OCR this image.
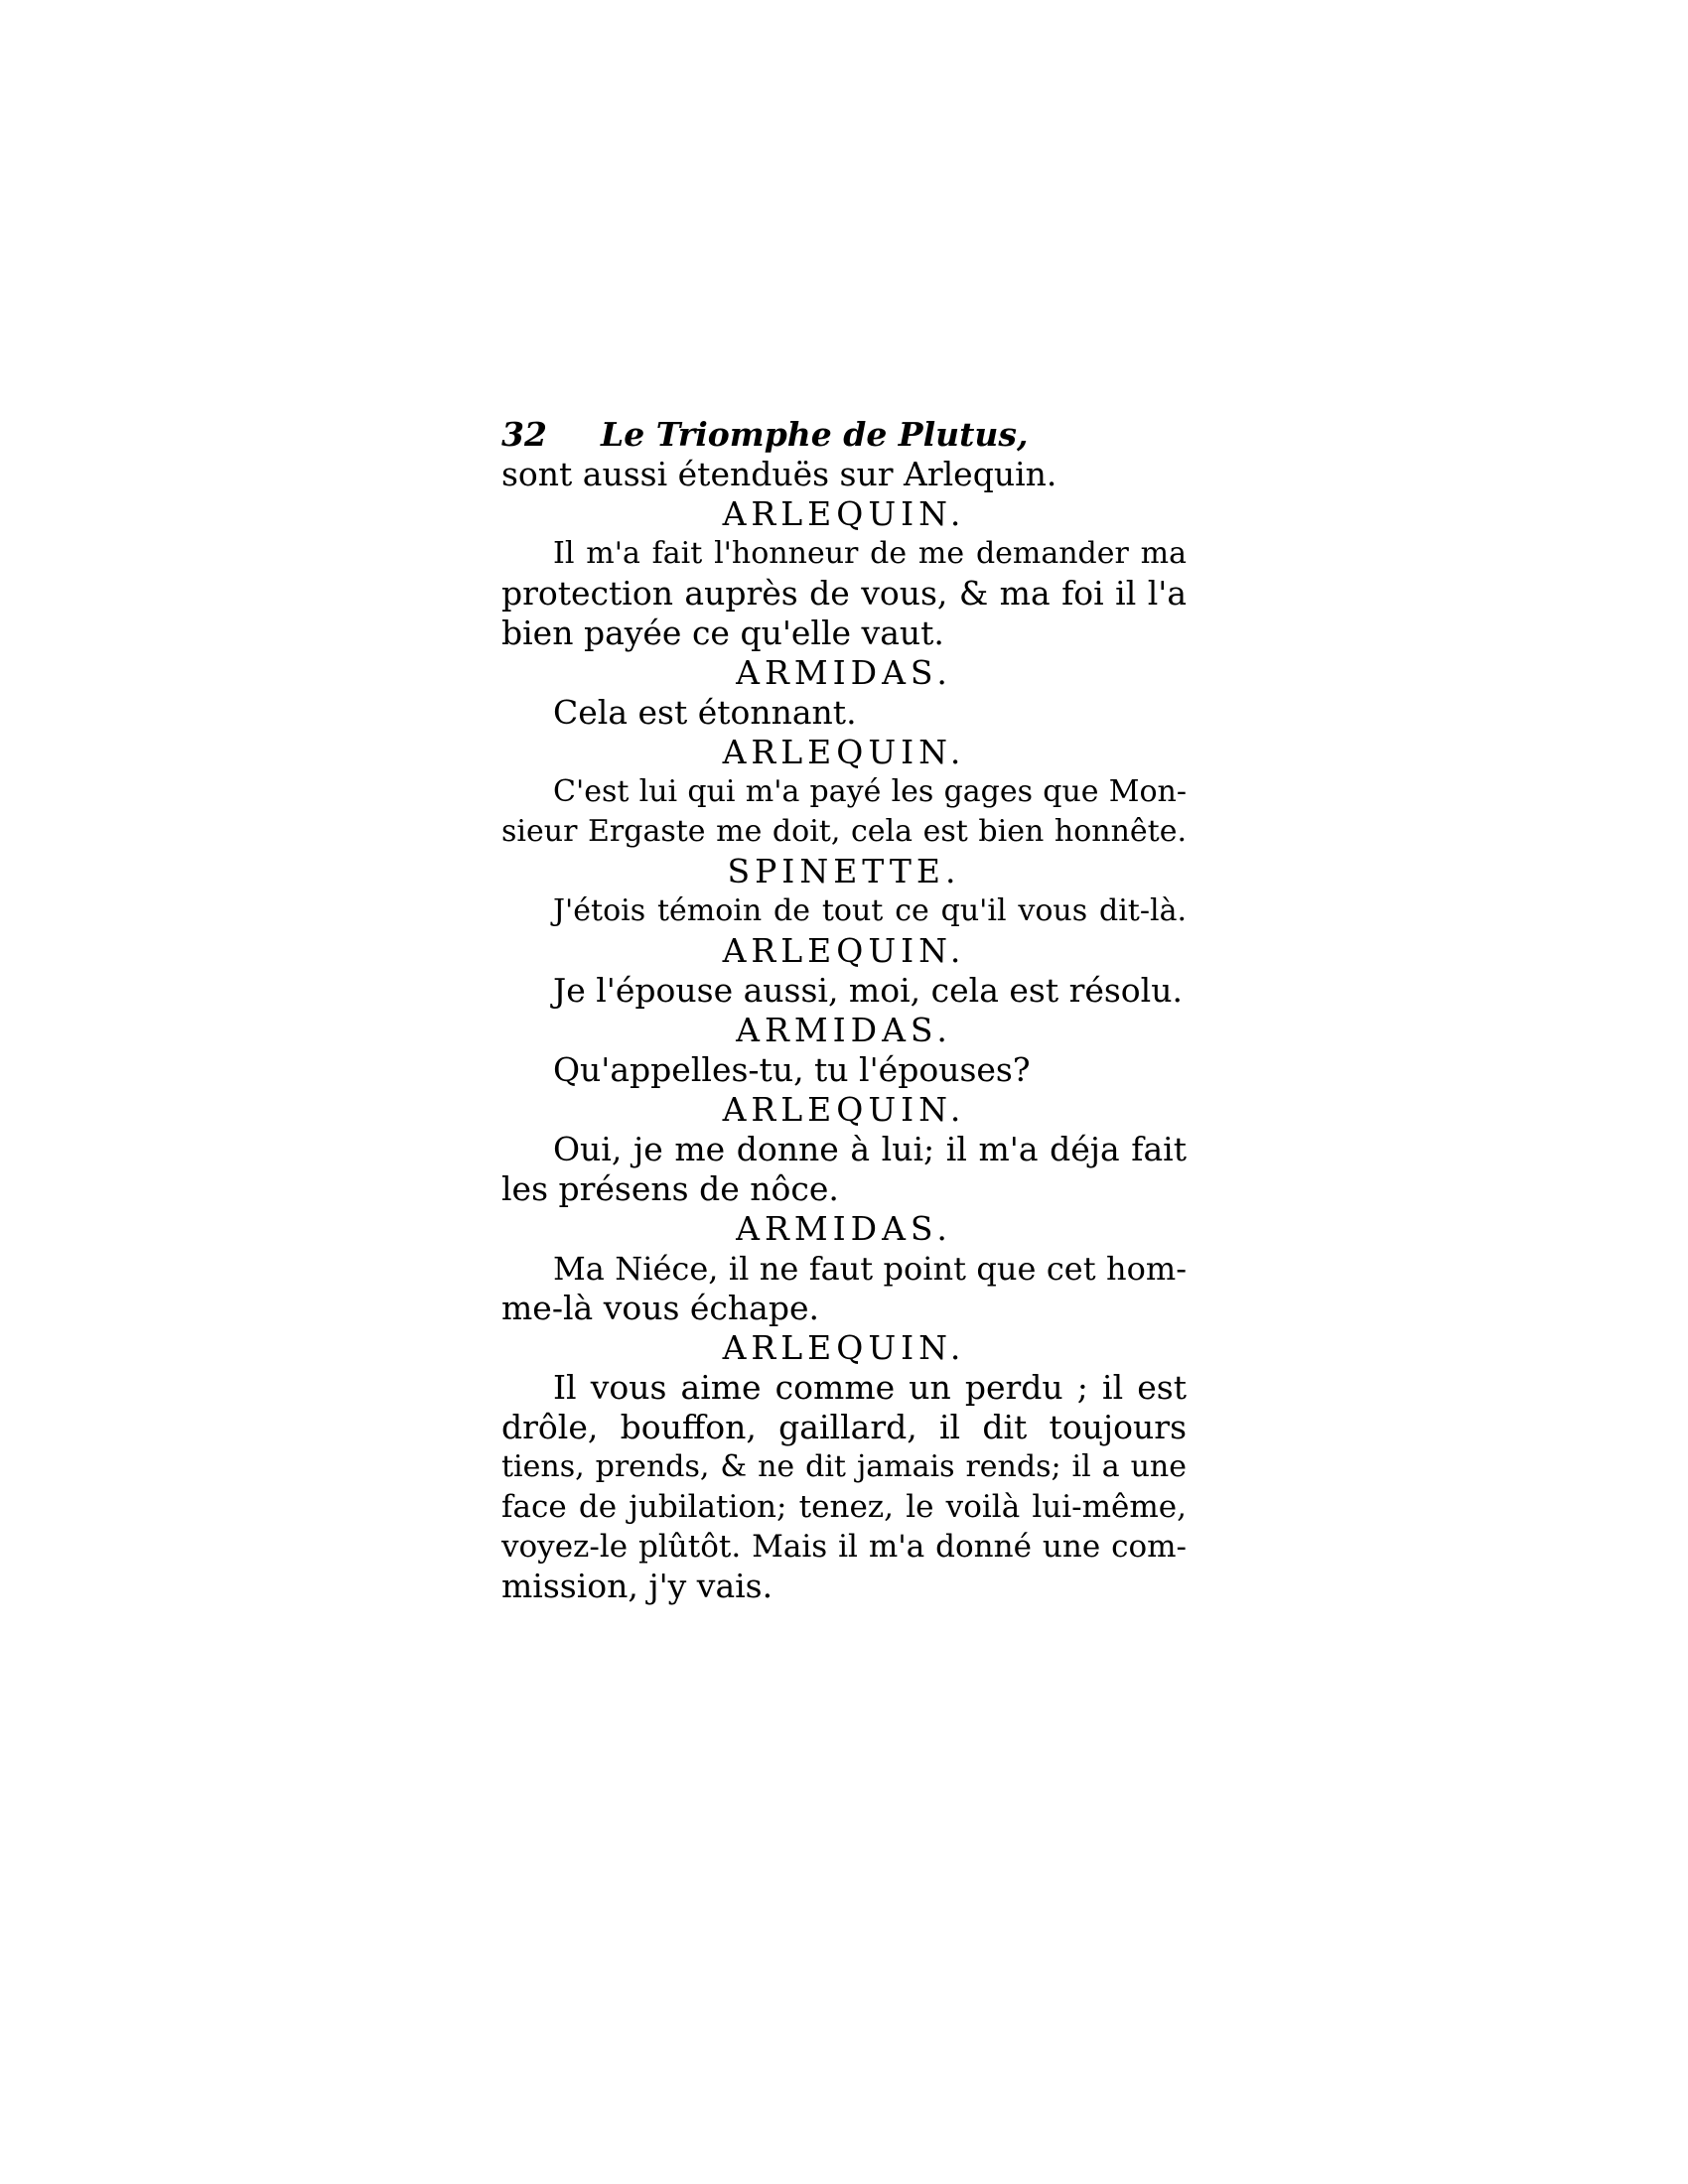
32	Le Triomphe de Plutus,
sont aussi étenduës sur Arlequin.
ARLEQUIN.
Il m'a fait l'honneur de me demander ma
protection auprès de vous, & ma foi il l'a
bien payée ce qu'elle vaut.
ARMIDAS.
Cela est étonnant.
ARLEQUIN.
C'est lui qui m'a payé les gages que Mon-
sieur Ergaste me doit, cela est bien honnête.
SPINETTE.
J'étois témoin de tout ce qu'il vous dit-là.
ARLEQUIN.
Je l'épouse aussi, moi, cela est résolu.
ARMIDAS.
Qu'appelles-tu, tu l'épouses?
ARLEQUIN.
Oui, je me donne à lui; il m'a déja fait
les présens de nôce.
ARMIDAS.
Ma Niéce, il ne faut point que cet hom-
me-là vous échape.
ARLEQUIN.
Il vous aime comme un perdu ; il est
drôle, bouffon, gaillard, il dit toujours
tiens, prends, & ne dit jamais rends; il a une
face de jubilation; tenez, le voilà lui-même,
voyez-le plûtôt. Mais il m'a donné une com-
mission, j'y vais.
